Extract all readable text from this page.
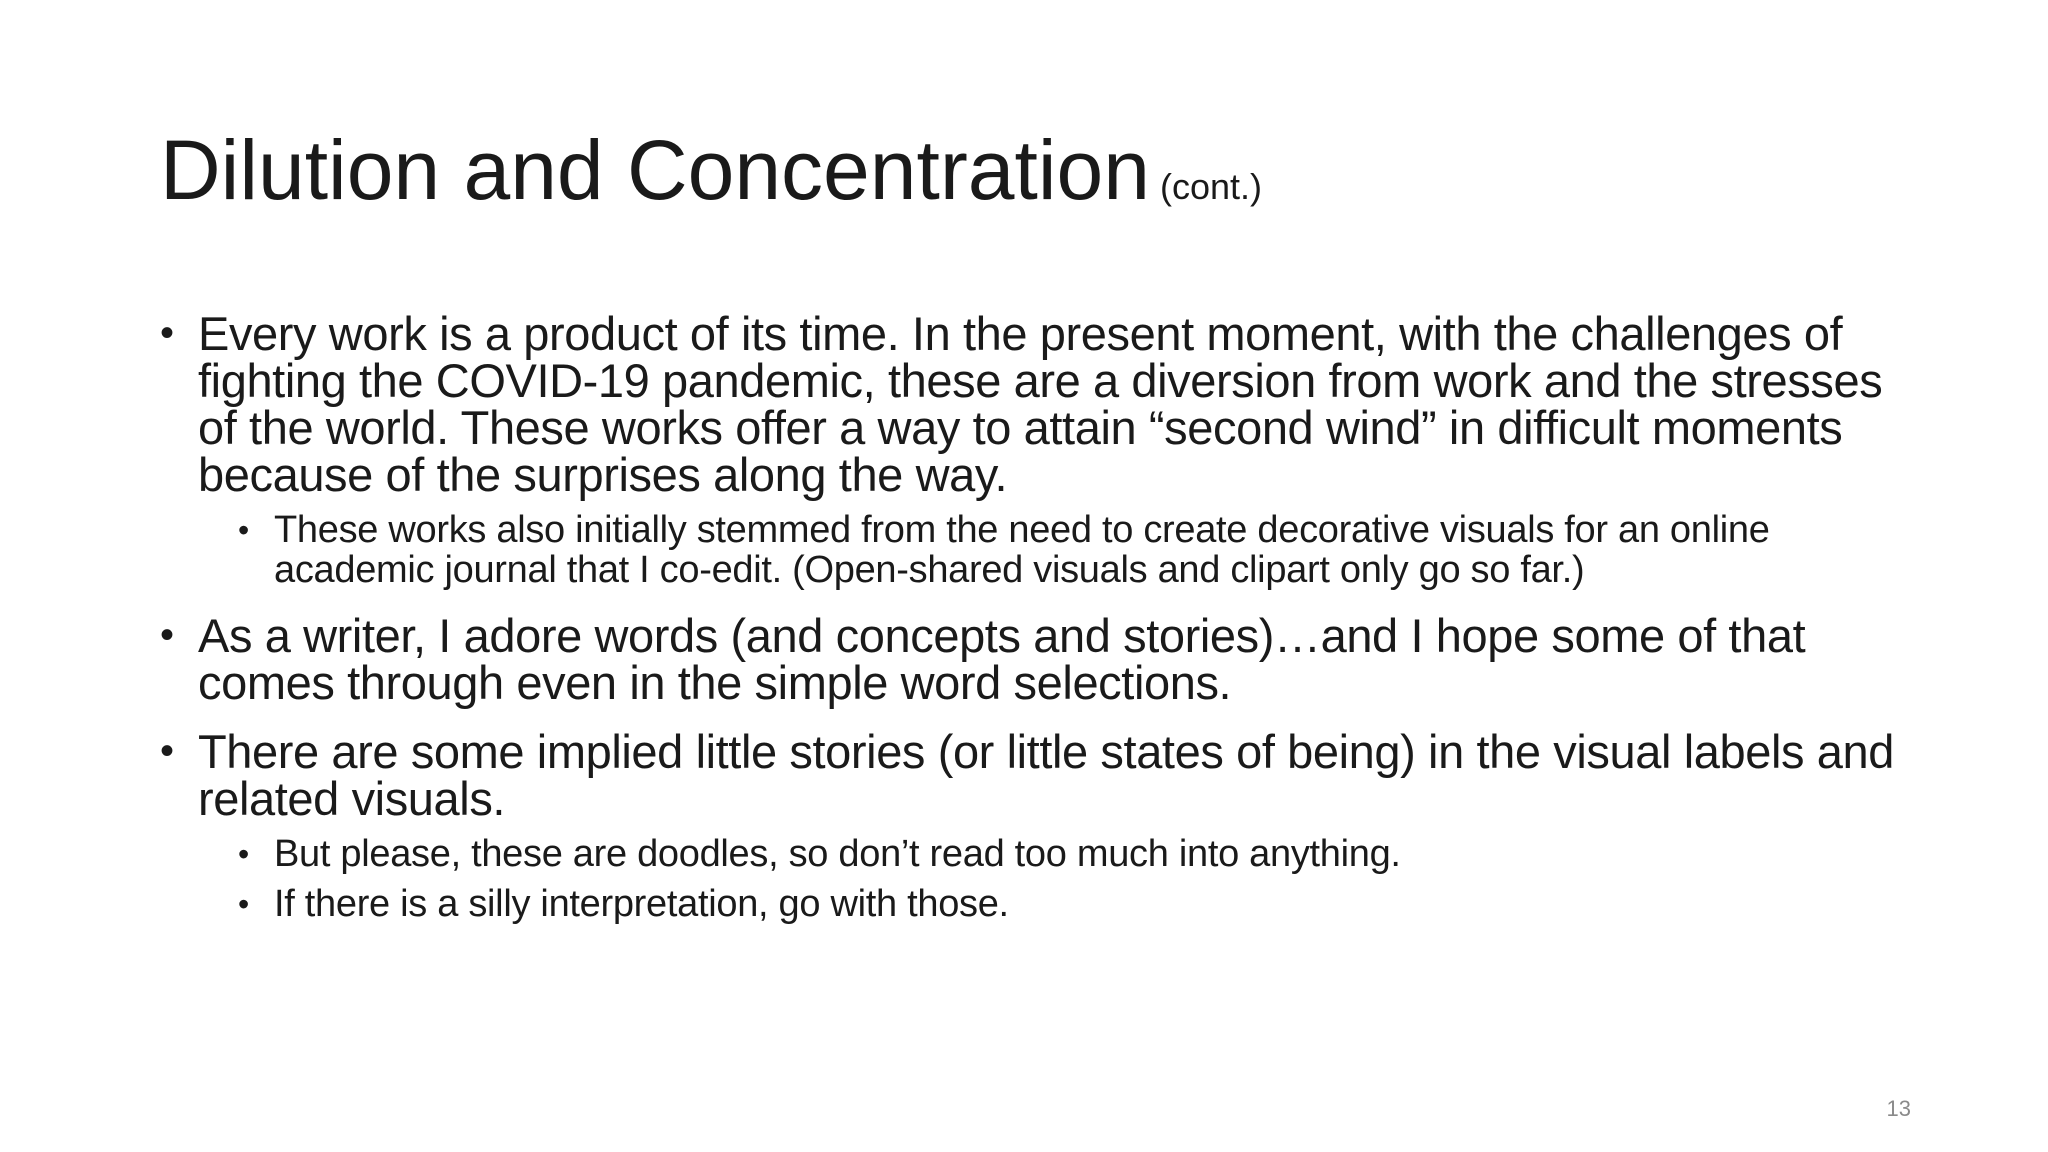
Dilution and Concentration (cont.)
• Every work is a product of its time. In the present moment, with the challenges of fighting the COVID-19 pandemic, these are a diversion from work and the stresses of the world. These works offer a way to attain “second wind” in difficult moments because of the surprises along the way.
• These works also initially stemmed from the need to create decorative visuals for an online academic journal that I co-edit. (Open-shared visuals and clipart only go so far.)
• As a writer, I adore words (and concepts and stories)…and I hope some of that comes through even in the simple word selections.
• There are some implied little stories (or little states of being) in the visual labels and related visuals.
• But please, these are doodles, so don’t read too much into anything.
• If there is a silly interpretation, go with those.
13
